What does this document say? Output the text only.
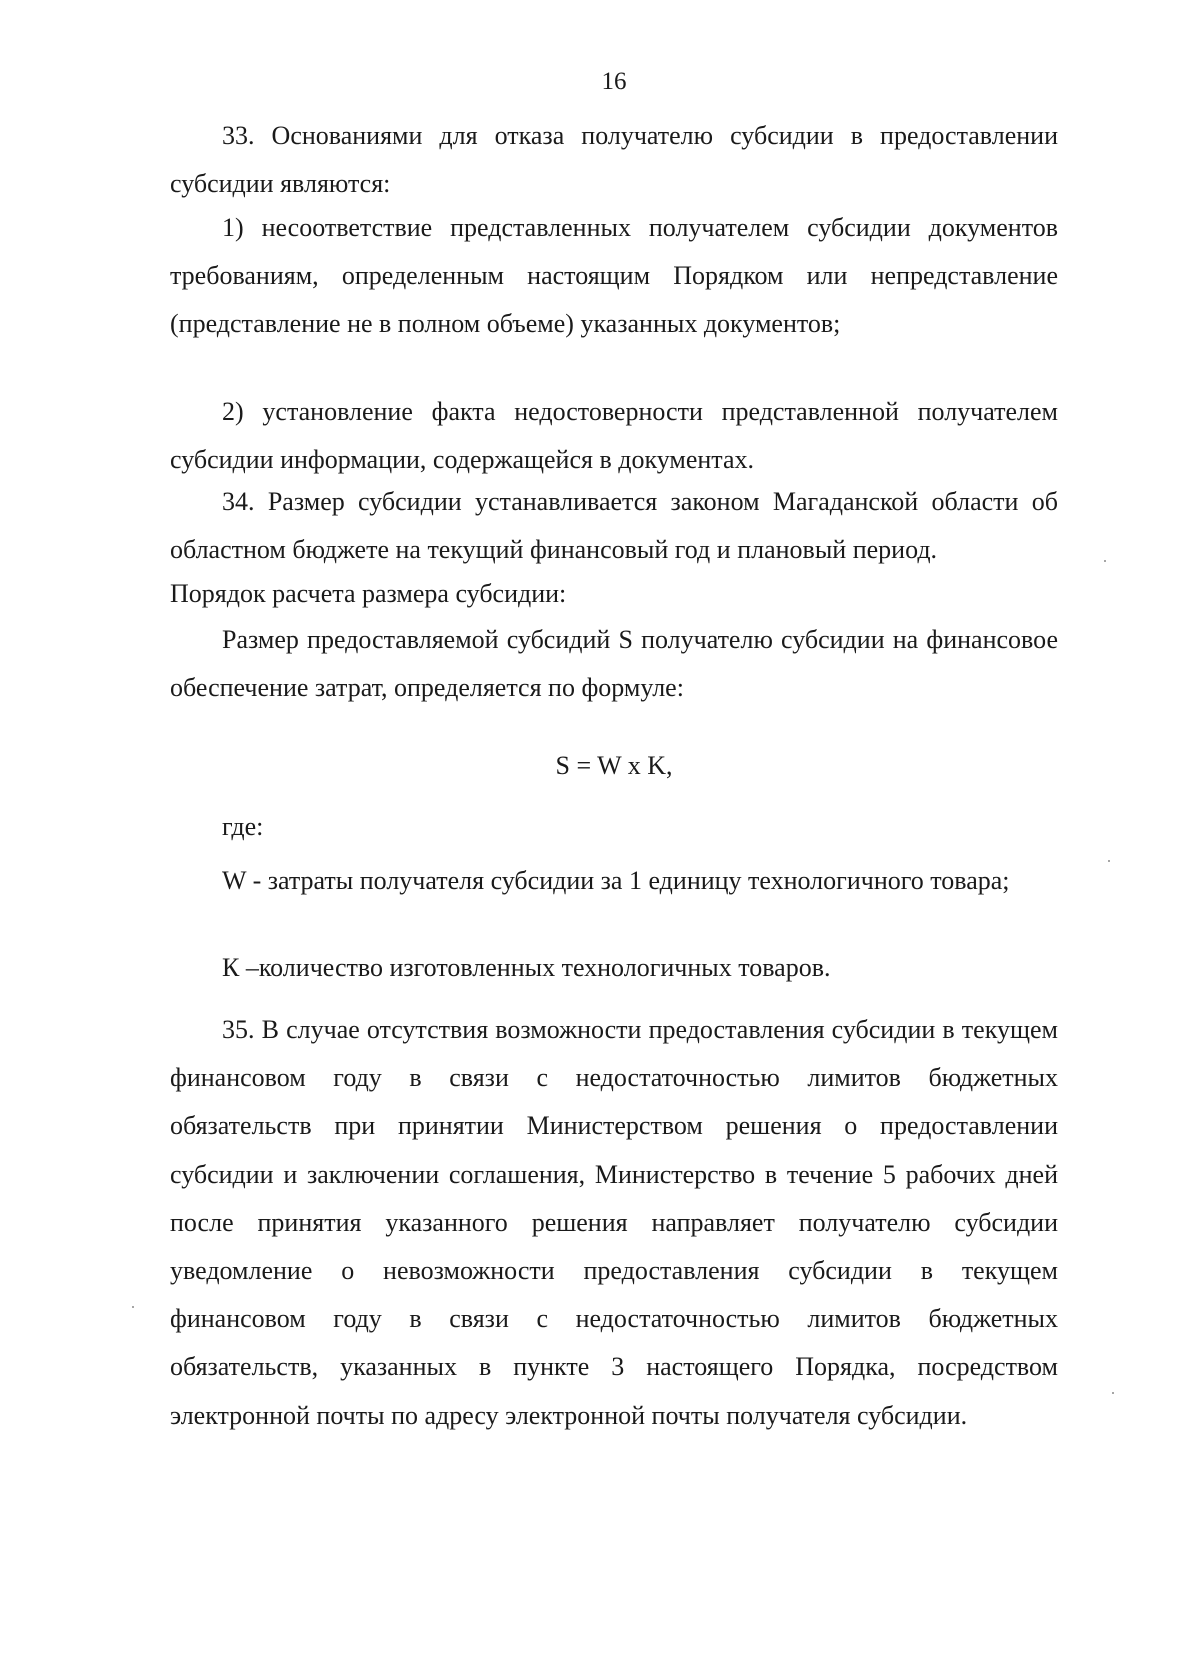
16
33. Основаниями для отказа получателю субсидии в предоставлении субсидии являются:
1) несоответствие представленных получателем субсидии документов требованиям, определенным настоящим Порядком или непредставление (представление не в полном объеме) указанных документов;
2) установление факта недостоверности представленной получателем субсидии информации, содержащейся в документах.
34. Размер субсидии устанавливается законом Магаданской области об областном бюджете на текущий финансовый год и плановый период.
Порядок расчета размера субсидии:
Размер предоставляемой субсидий S получателю субсидии на финансовое обеспечение затрат, определяется по формуле:
S = W x K,
где:
W - затраты получателя субсидии за 1 единицу технологичного товара;
К –количество изготовленных технологичных товаров.
35. В случае отсутствия возможности предоставления субсидии в текущем финансовом году в связи с недостаточностью лимитов бюджетных обязательств при принятии Министерством решения о предоставлении субсидии и заключении соглашения, Министерство в течение 5 рабочих дней после принятия указанного решения направляет получателю субсидии уведомление о невозможности предоставления субсидии в текущем финансовом году в связи с недостаточностью лимитов бюджетных обязательств, указанных в пункте 3 настоящего Порядка, посредством электронной почты по адресу электронной почты получателя субсидии.
